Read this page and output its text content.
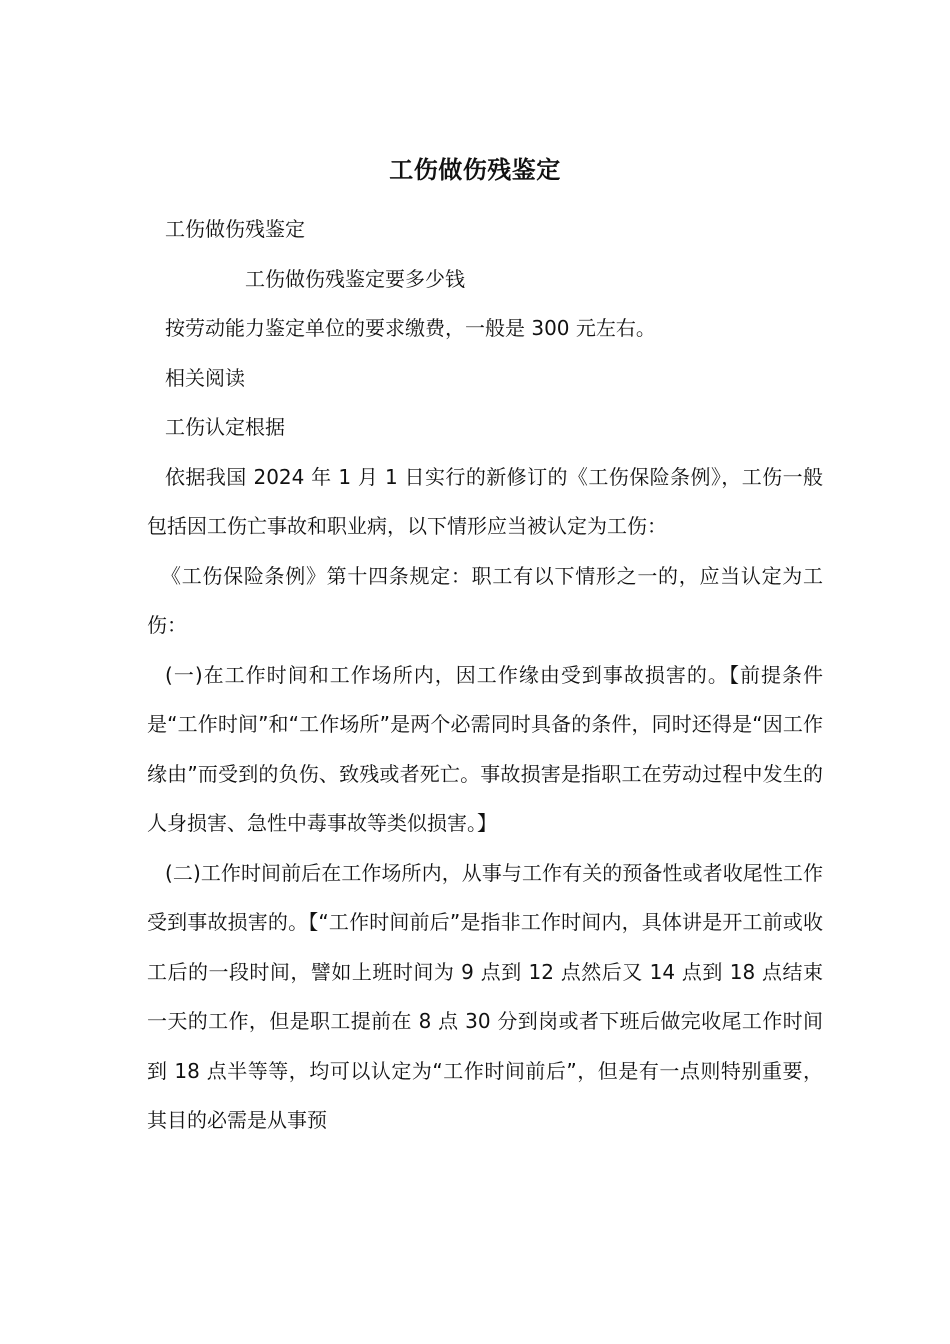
工伤做伤残鉴定

工伤做伤残鉴定

工伤做伤残鉴定要多少钱

按劳动能力鉴定单位的要求缴费，一般是 300 元左右。

相关阅读

工伤认定根据

依据我国 2024 年 1 月 1 日实行的新修订的《工伤保险条例》，工伤一般包括因工伤亡事故和职业病，以下情形应当被认定为工伤：

《工伤保险条例》第十四条规定：职工有以下情形之一的，应当认定为工伤：

(一)在工作时间和工作场所内，因工作缘由受到事故损害的。【前提条件是“工作时间”和“工作场所”是两个必需同时具备的条件，同时还得是“因工作缘由”而受到的负伤、致残或者死亡。事故损害是指职工在劳动过程中发生的人身损害、急性中毒事故等类似损害。】

(二)工作时间前后在工作场所内，从事与工作有关的预备性或者收尾性工作受到事故损害的。【“工作时间前后”是指非工作时间内，具体讲是开工前或收工后的一段时间，譬如上班时间为 9 点到 12 点然后又 14 点到 18 点结束一天的工作，但是职工提前在 8 点 30 分到岗或者下班后做完收尾工作时间到 18 点半等等，均可以认定为“工作时间前后”，但是有一点则特别重要，其目的必需是从事预
